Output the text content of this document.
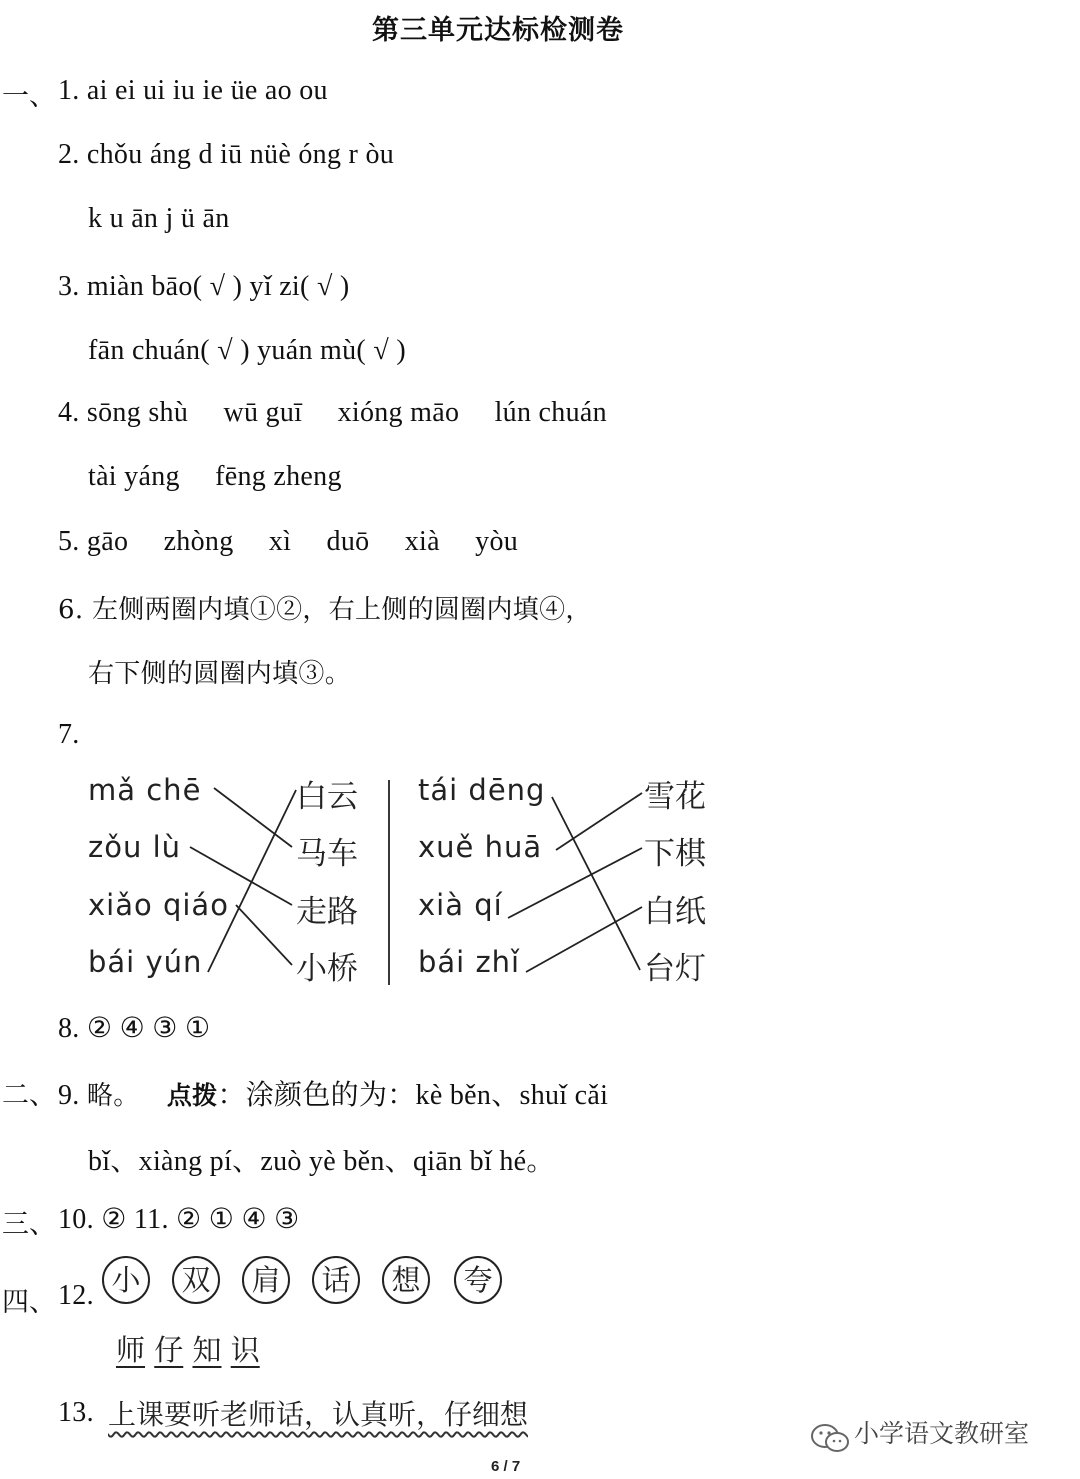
第三单元达标检测卷
一、 1. ai ei ui iu ie üe ao ou
2. chǒu áng d iū nüè óng r òu
k u ān j ü ān
3. miàn bāo( √ ) yǐ zi( √ )
fān chuán( √ ) yuán mù( √ )
4. sōng shù wū guī xióng māo lún chuán
tài yáng fēng zheng
5. gāo zhòng xì duō xià yòu
6. 左侧两圈内填①②，右上侧的圆圈内填④，
右下侧的圆圈内填③。
7.
mǎ chē
zǒu lù
xiǎo qiáo
bái yún
白云
马车
走路
小桥
tái dēng
xuě huā
xià qí
bái zhǐ
雪花
下棋
白纸
台灯
8. ② ④ ③ ①
二、 9. 略。 点拨：涂颜色的为：kè běn、shuǐ cǎi
bǐ、xiàng pí、zuò yè běn、qiān bǐ hé。
三、 10. ② 11. ② ① ④ ③
四、 12. 小	双	肩	话	想	夸
师 仔 知 识
13. 上课要听老师话，认真听，仔细想
小学语文教研室
6 / 7
